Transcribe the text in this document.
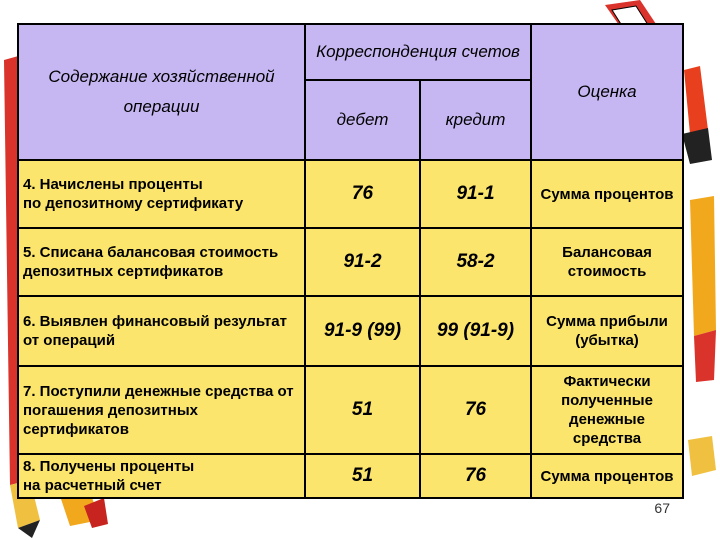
Содержание хозяйственной операции	Корреспонденция счетов		Оценка
	дебет	кредит	
4. Начислены проценты
по депозитному сертификату	76	91-1	Сумма процентов
5. Списана балансовая стоимость депозитных сертификатов	91-2	58-2	Балансовая стоимость
6. Выявлен финансовый результат от операций	91-9 (99)	99 (91-9)	Сумма прибыли (убытка)
7. Поступили денежные средства от погашения депозитных сертификатов	51	76	Фактически полученные денежные средства
8. Получены проценты
на расчетный счет	51	76	Сумма процентов
67
